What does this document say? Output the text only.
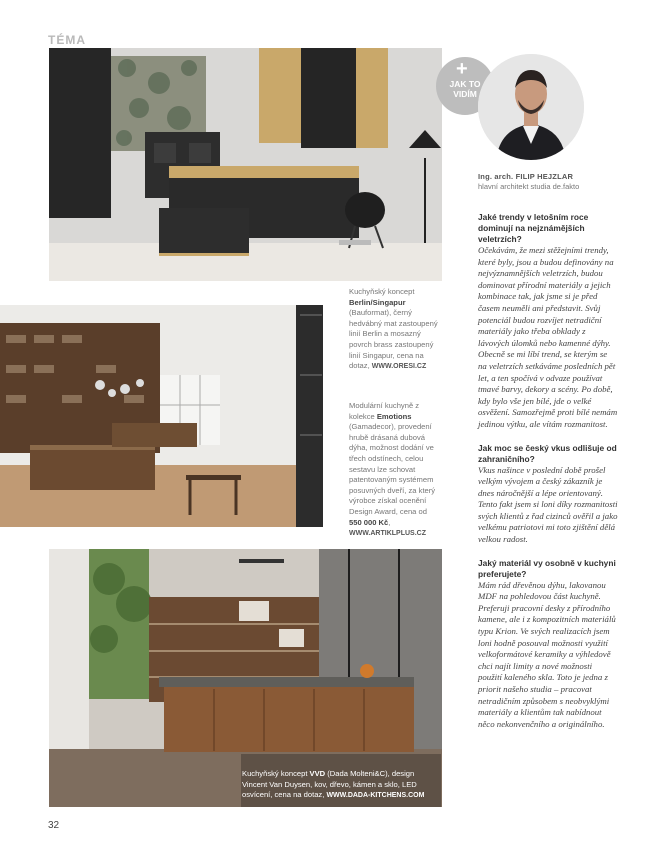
TÉMA
Kuchyňský koncept Berlin/Singapur (Bauformat), černý hedvábný mat zastoupený linií Berlin a mosazný povrch brass zastoupený linií Singapur, cena na dotaz, WWW.ORESI.CZ
Modulární kuchyně z kolekce Emotions (Gamadecor), provedení hrubě drásaná dubová dýha, možnost dodání ve třech odstínech, celou sestavu lze schovat patentovaným systémem posuvných dveří, za který výrobce získal ocenění Design Award, cena od 550 000 Kč,
WWW.ARTIKLPLUS.CZ
Kuchyňský koncept VVD (Dada Molteni&C), design Vincent Van Duysen, kov, dřevo, kámen a sklo, LED osvícení, cena na dotaz, WWW.DADA-KITCHENS.COM
+
JAK TO
VIDÍM
Ing. arch. FILIP HEJZLAR
hlavní architekt studia de.fakto

Jaké trendy v letošním roce dominují na nejznámějších veletrzích?

Očekávám, že mezi stěžejními trendy, které byly, jsou a budou definovány na nejvýznamnějších veletrzích, budou dominovat přírodní materiály a jejich kombinace tak, jak jsme si je před časem neuměli ani představit. Svůj potenciál budou rozvíjet netradiční materiály jako třeba obklady z lávových úlomků nebo kamenné dýhy. Obecně se mi líbí trend, se kterým se na veletrzích setkáváme posledních pět let, a ten spočívá v odvaze používat tmavé barvy, dekory a scény. Po době, kdy bylo vše jen bílé, jde o velké osvěžení. Samozřejmě proti bílé nemám jedinou výtku, ale vítám rozmanitost.

Jak moc se český vkus odlišuje od zahraničního?

Vkus našince v poslední době prošel velkým vývojem a český zákazník je dnes náročnější a lépe orientovaný. Tento fakt jsem si loni díky rozmanitosti svých klientů z řad cizinců ověřil a jako velkému patriotovi mi toto zjištění dělá velkou radost.

Jaký materiál vy osobně v kuchyni preferujete?

Mám rád dřevěnou dýhu, lakovanou MDF na pohledovou část kuchyně. Preferuji pracovní desky z přírodního kamene, ale i z kompozitních materiálů typu Krion. Ve svých realizacích jsem loni hodně posouval možnosti využití velkoformátové keramiky a výhledově chci najít limity a nové možnosti použití kaleného skla. Toto je jedna z priorit našeho studia – pracovat netradičním způsobem s neobvyklými materiály a klientům tak nabídnout něco nekonvenčního a originálního.

32
